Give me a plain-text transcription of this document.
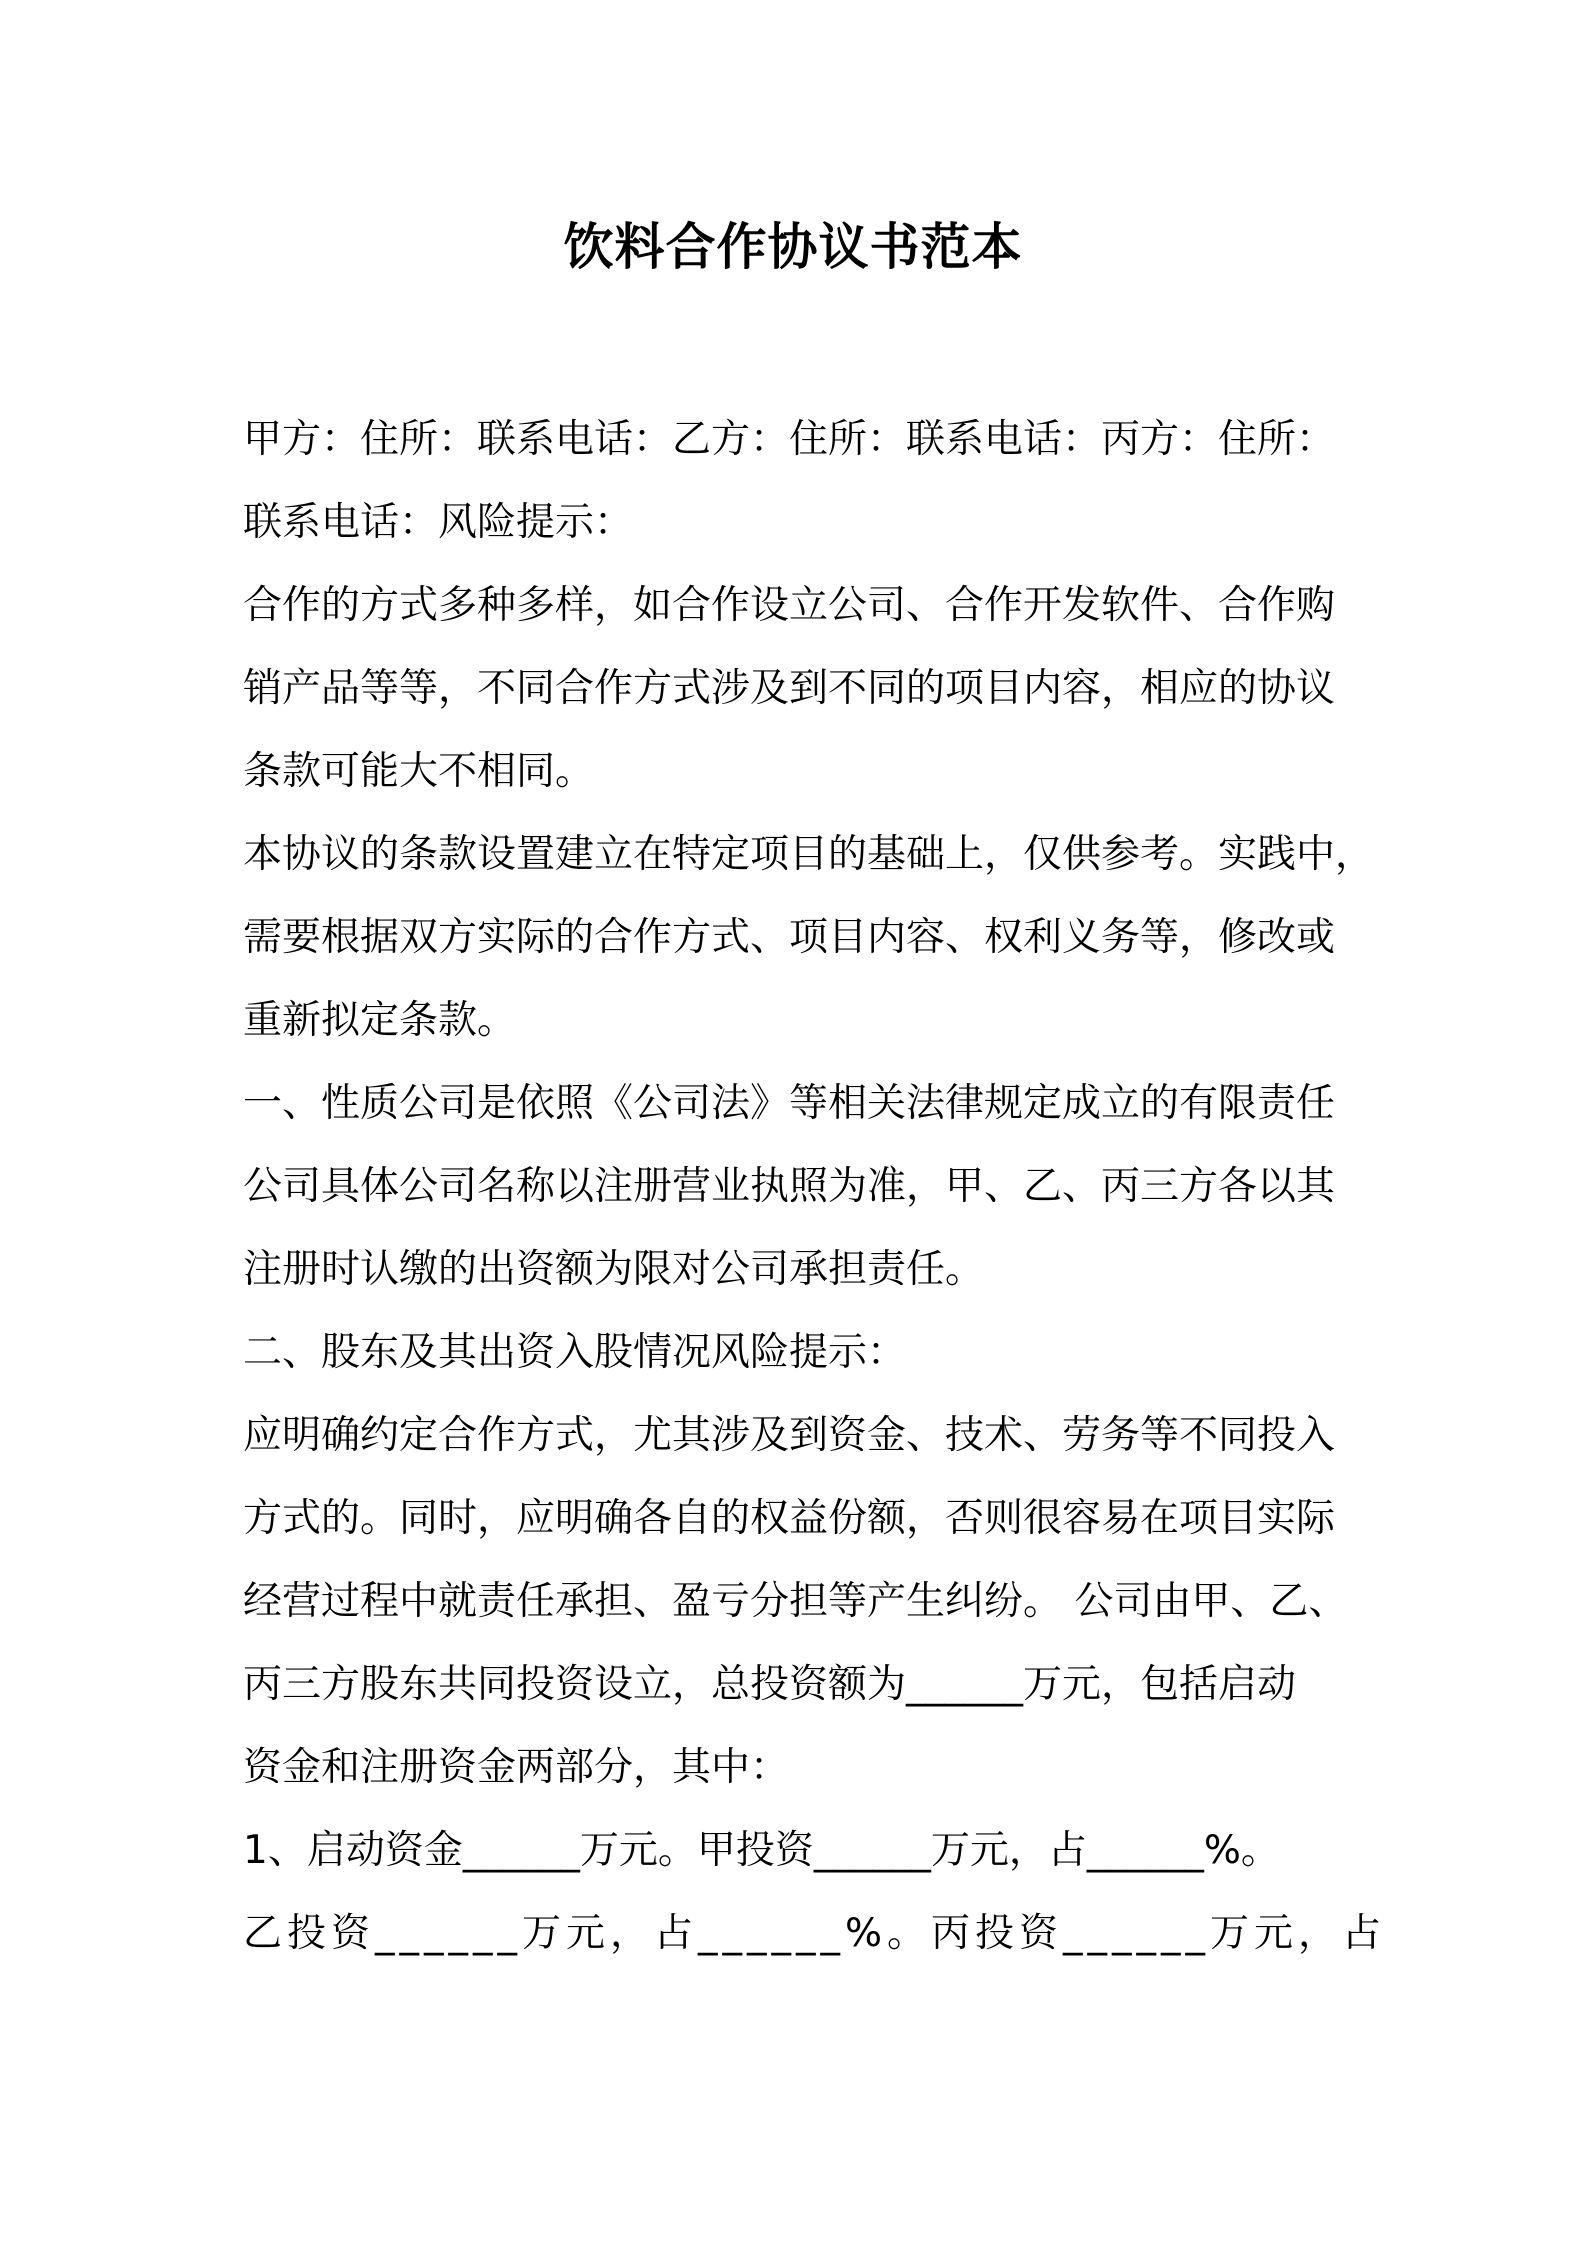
饮料合作协议书范本
甲方：住所：联系电话：乙方：住所：联系电话：丙方：住所：
联系电话：风险提示：
合作的方式多种多样，如合作设立公司、合作开发软件、合作购
销产品等等，不同合作方式涉及到不同的项目内容，相应的协议
条款可能大不相同。
本协议的条款设置建立在特定项目的基础上，仅供参考。实践中，
需要根据双方实际的合作方式、项目内容、权利义务等，修改或
重新拟定条款。
一、性质公司是依照《公司法》等相关法律规定成立的有限责任
公司具体公司名称以注册营业执照为准，甲、乙、丙三方各以其
注册时认缴的出资额为限对公司承担责任。
二、股东及其出资入股情况风险提示：
应明确约定合作方式，尤其涉及到资金、技术、劳务等不同投入
方式的。同时，应明确各自的权益份额，否则很容易在项目实际
经营过程中就责任承担、盈亏分担等产生纠纷。 公司由甲、乙、
丙三方股东共同投资设立，总投资额为______万元，包括启动
资金和注册资金两部分，其中：
1、启动资金______万元。甲投资______万元，占______%。
乙投资______万元，占______%。丙投资______万元，占
